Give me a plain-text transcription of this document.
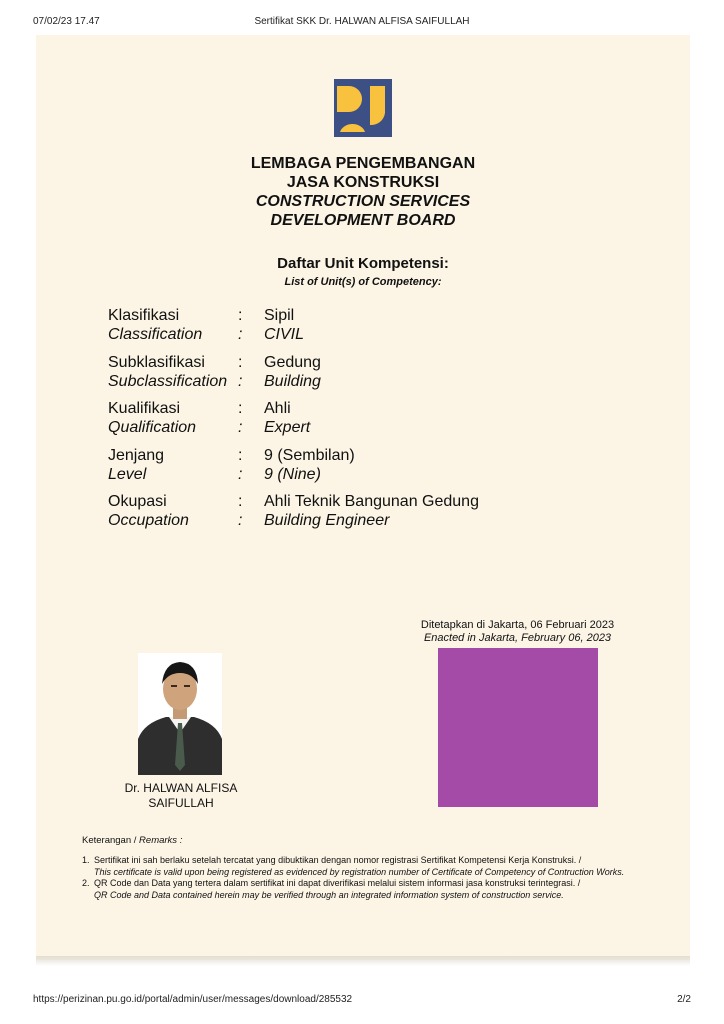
07/02/23 17.47	Sertifikat SKK Dr. HALWAN ALFISA SAIFULLAH
LEMBAGA PENGEMBANGAN
JASA KONSTRUKSI
CONSTRUCTION SERVICES
DEVELOPMENT BOARD
Daftar Unit Kompetensi:
List of Unit(s) of Competency:
Klasifikasi	: Sipil
Classification : CIVIL
Subklasifikasi : Gedung
Subclassification : Building
Kualifikasi	: Ahli
Qualification	: Expert
Jenjang	: 9 (Sembilan)
Level	: 9 (Nine)
Okupasi	: Ahli Teknik Bangunan Gedung
Occupation	: Building Engineer
Ditetapkan di Jakarta, 06 Februari 2023
Enacted in Jakarta, February 06, 2023
Dr. HALWAN ALFISA
SAIFULLAH
Keterangan / Remarks :
1. Sertifikat ini sah berlaku setelah tercatat yang dibuktikan dengan nomor registrasi Sertifikat Kompetensi Kerja Konstruksi. /
This certificate is valid upon being registered as evidenced by registration number of Certificate of Competency of Contruction Works.
2. QR Code dan Data yang tertera dalam sertifikat ini dapat diverifikasi melalui sistem informasi jasa konstruksi terintegrasi. /
QR Code and Data contained herein may be verified through an integrated information system of construction service.
https://perizinan.pu.go.id/portal/admin/user/messages/download/285532	2/2
